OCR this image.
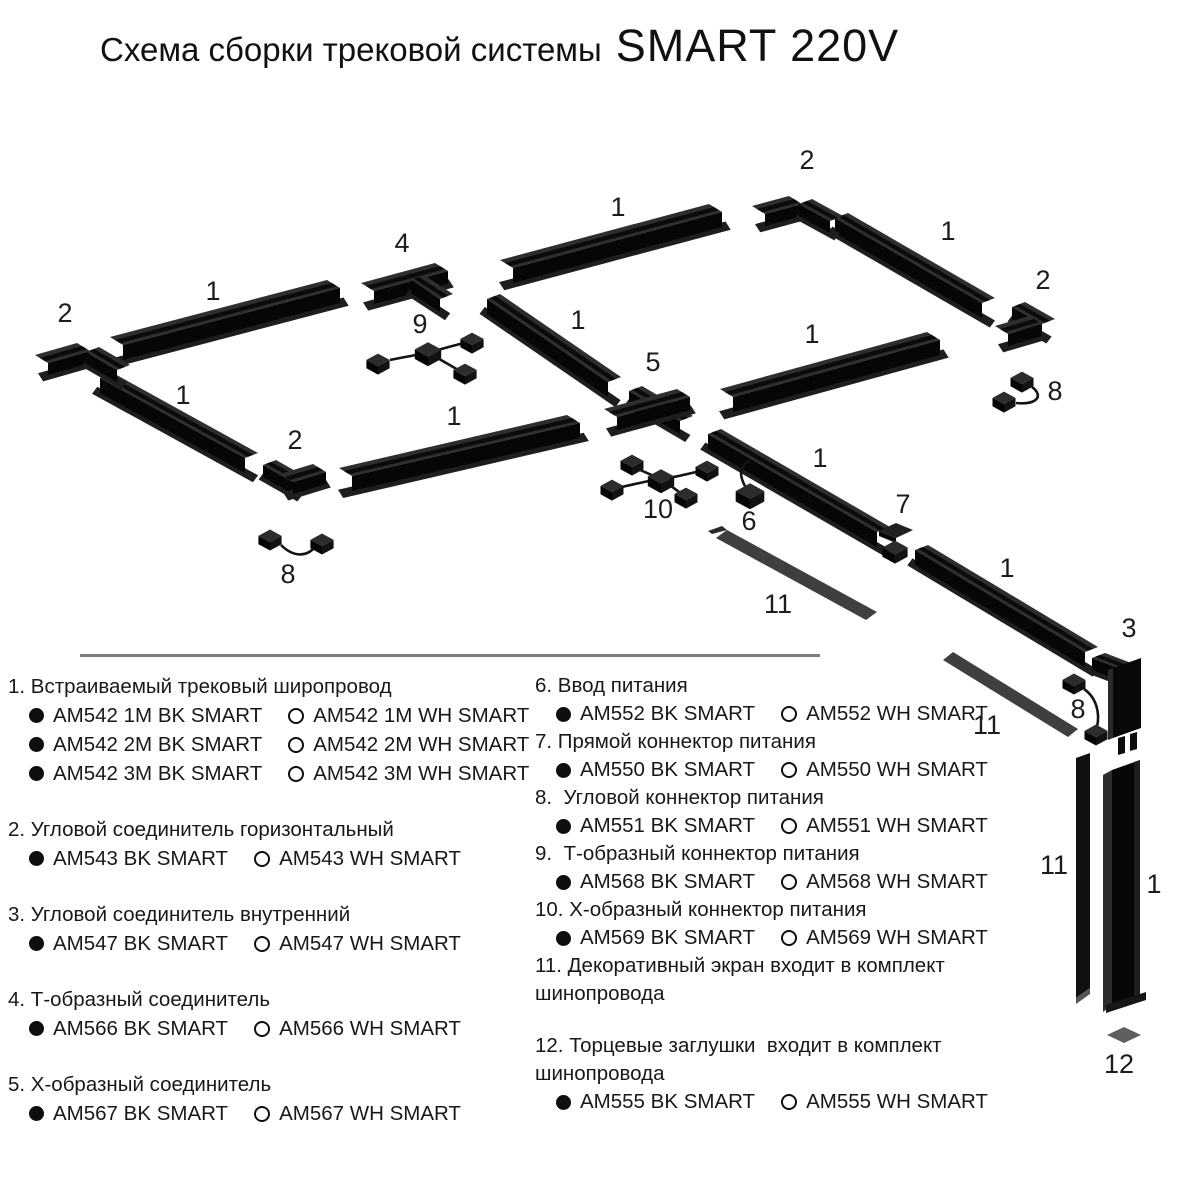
Схема сборки трековой системы SMART 220V
2
1
4
1
2
1
2
9	1	1
5
8
1
1
2
1
10	6
7
8
11
1
3
8
11
11
1
12
1. Встраиваемый трековый широпровод
AM542 1M BK SMART AM542 1M WH SMART
AM542 2M BK SMART AM542 2M WH SMART
AM542 3M BK SMART AM542 3M WH SMART
2. Угловой соединитель горизонтальный
AM543 BK SMART AM543 WH SMART
3. Угловой соединитель внутренний
AM547 BK SMART AM547 WH SMART
4. Т-образный соединитель
AM566 BK SMART AM566 WH SMART
5. Х-образный соединитель
AM567 BK SMART AM567 WH SMART
6. Ввод питания
AM552 BK SMART AM552 WH SMART
7. Прямой коннектор питания
AM550 BK SMART AM550 WH SMART
8.  Угловой коннектор питания
AM551 BK SMART AM551 WH SMART
9.  Т-образный коннектор питания
AM568 BK SMART AM568 WH SMART
10. Х-образный коннектор питания
AM569 BK SMART AM569 WH SMART
11. Декоративный экран входит в комплект шинопровода
12. Торцевые заглушки  входит в комплект шинопровода
AM555 BK SMART AM555 WH SMART
